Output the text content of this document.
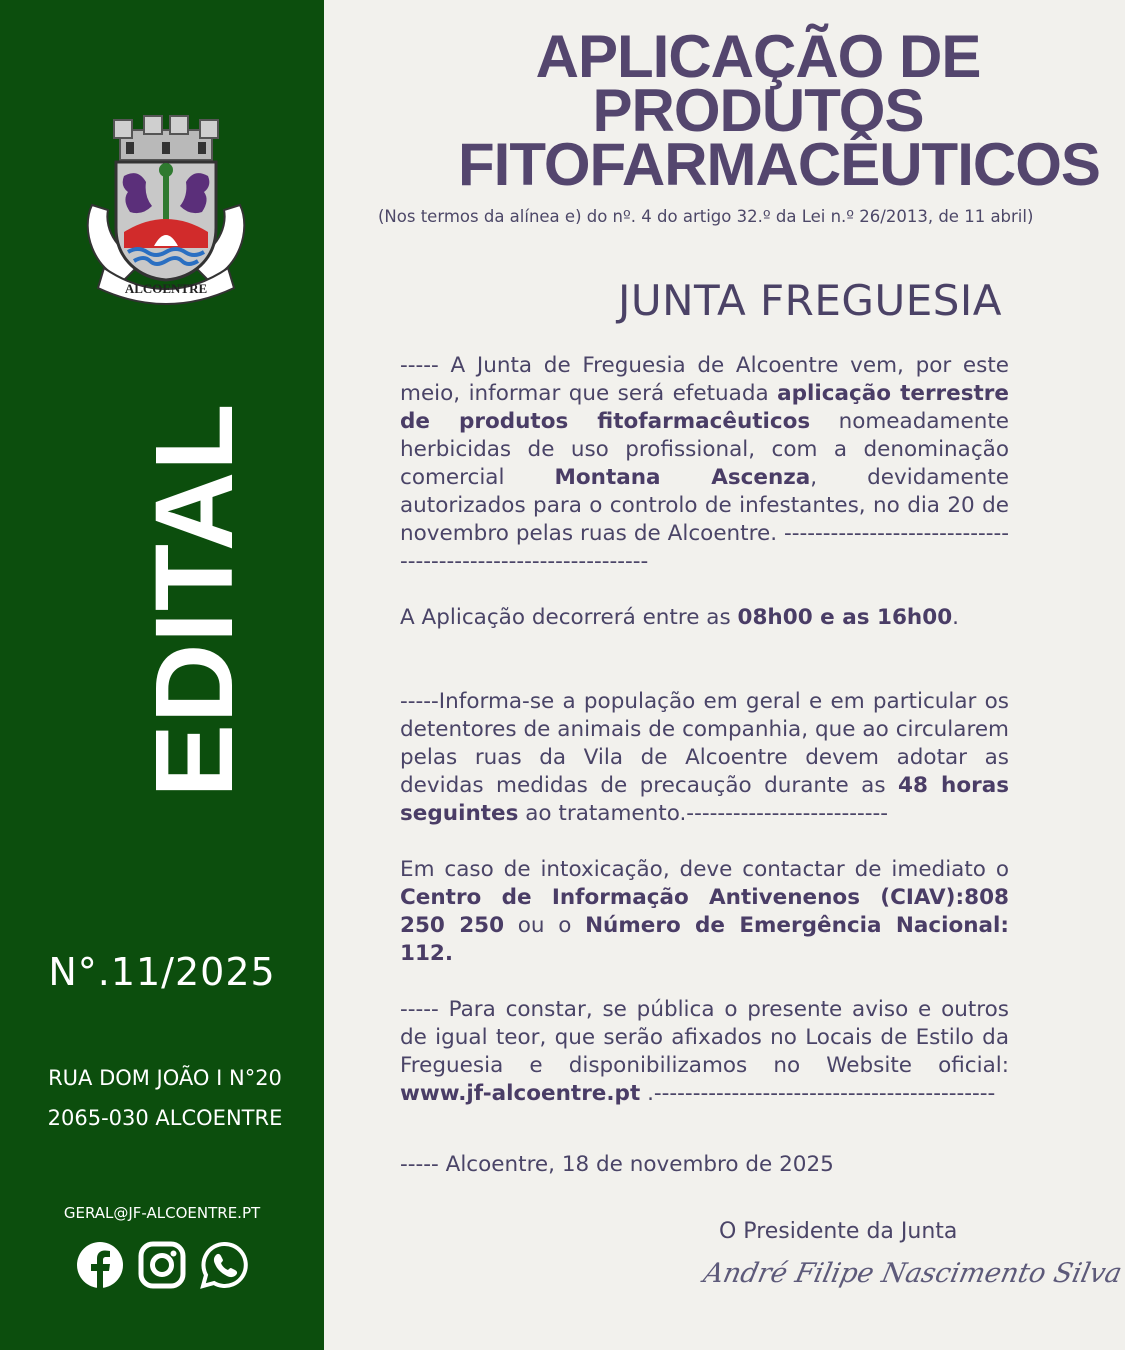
ALCOENTRE
EDITAL
N°.11/2025
RUA DOM JOÃO I N°20
2065-030 ALCOENTRE
GERAL@JF-ALCOENTRE.PT
APLICAÇÃO DE
PRODUTOS
FITOFARMACÊUTICOS
(Nos termos da alínea e) do nº. 4 do artigo 32.º da Lei n.º 26/2013, de 11 abril)
JUNTA FREGUESIA
----- A Junta de Freguesia de Alcoentre vem, por este meio, informar que será efetuada aplicação terrestre de produtos fitofarmacêuticos nomeadamente herbicidas de uso profissional, com a denominação comercial Montana Ascenza, devidamente autorizados para o controlo de infestantes, no dia 20 de novembro pelas ruas de Alcoentre. -------------------------------------------------------------
A Aplicação decorrerá entre as 08h00 e as 16h00.
-----Informa-se a população em geral e em particular os detentores de animais de companhia, que ao circularem pelas ruas da Vila de Alcoentre devem adotar as devidas medidas de precaução durante as 48 horas seguintes ao tratamento.--------------------------
Em caso de intoxicação, deve contactar de imediato o Centro de Informação Antivenenos (CIAV):808 250 250 ou o Número de Emergência Nacional: 112.
----- Para constar, se pública o presente aviso e outros de igual teor, que serão afixados no Locais de Estilo da Freguesia e disponibilizamos no Website oficial: www.jf-alcoentre.pt .--------------------------------------------
----- Alcoentre, 18 de novembro de 2025
O Presidente da Junta
André Filipe Nascimento Silva
